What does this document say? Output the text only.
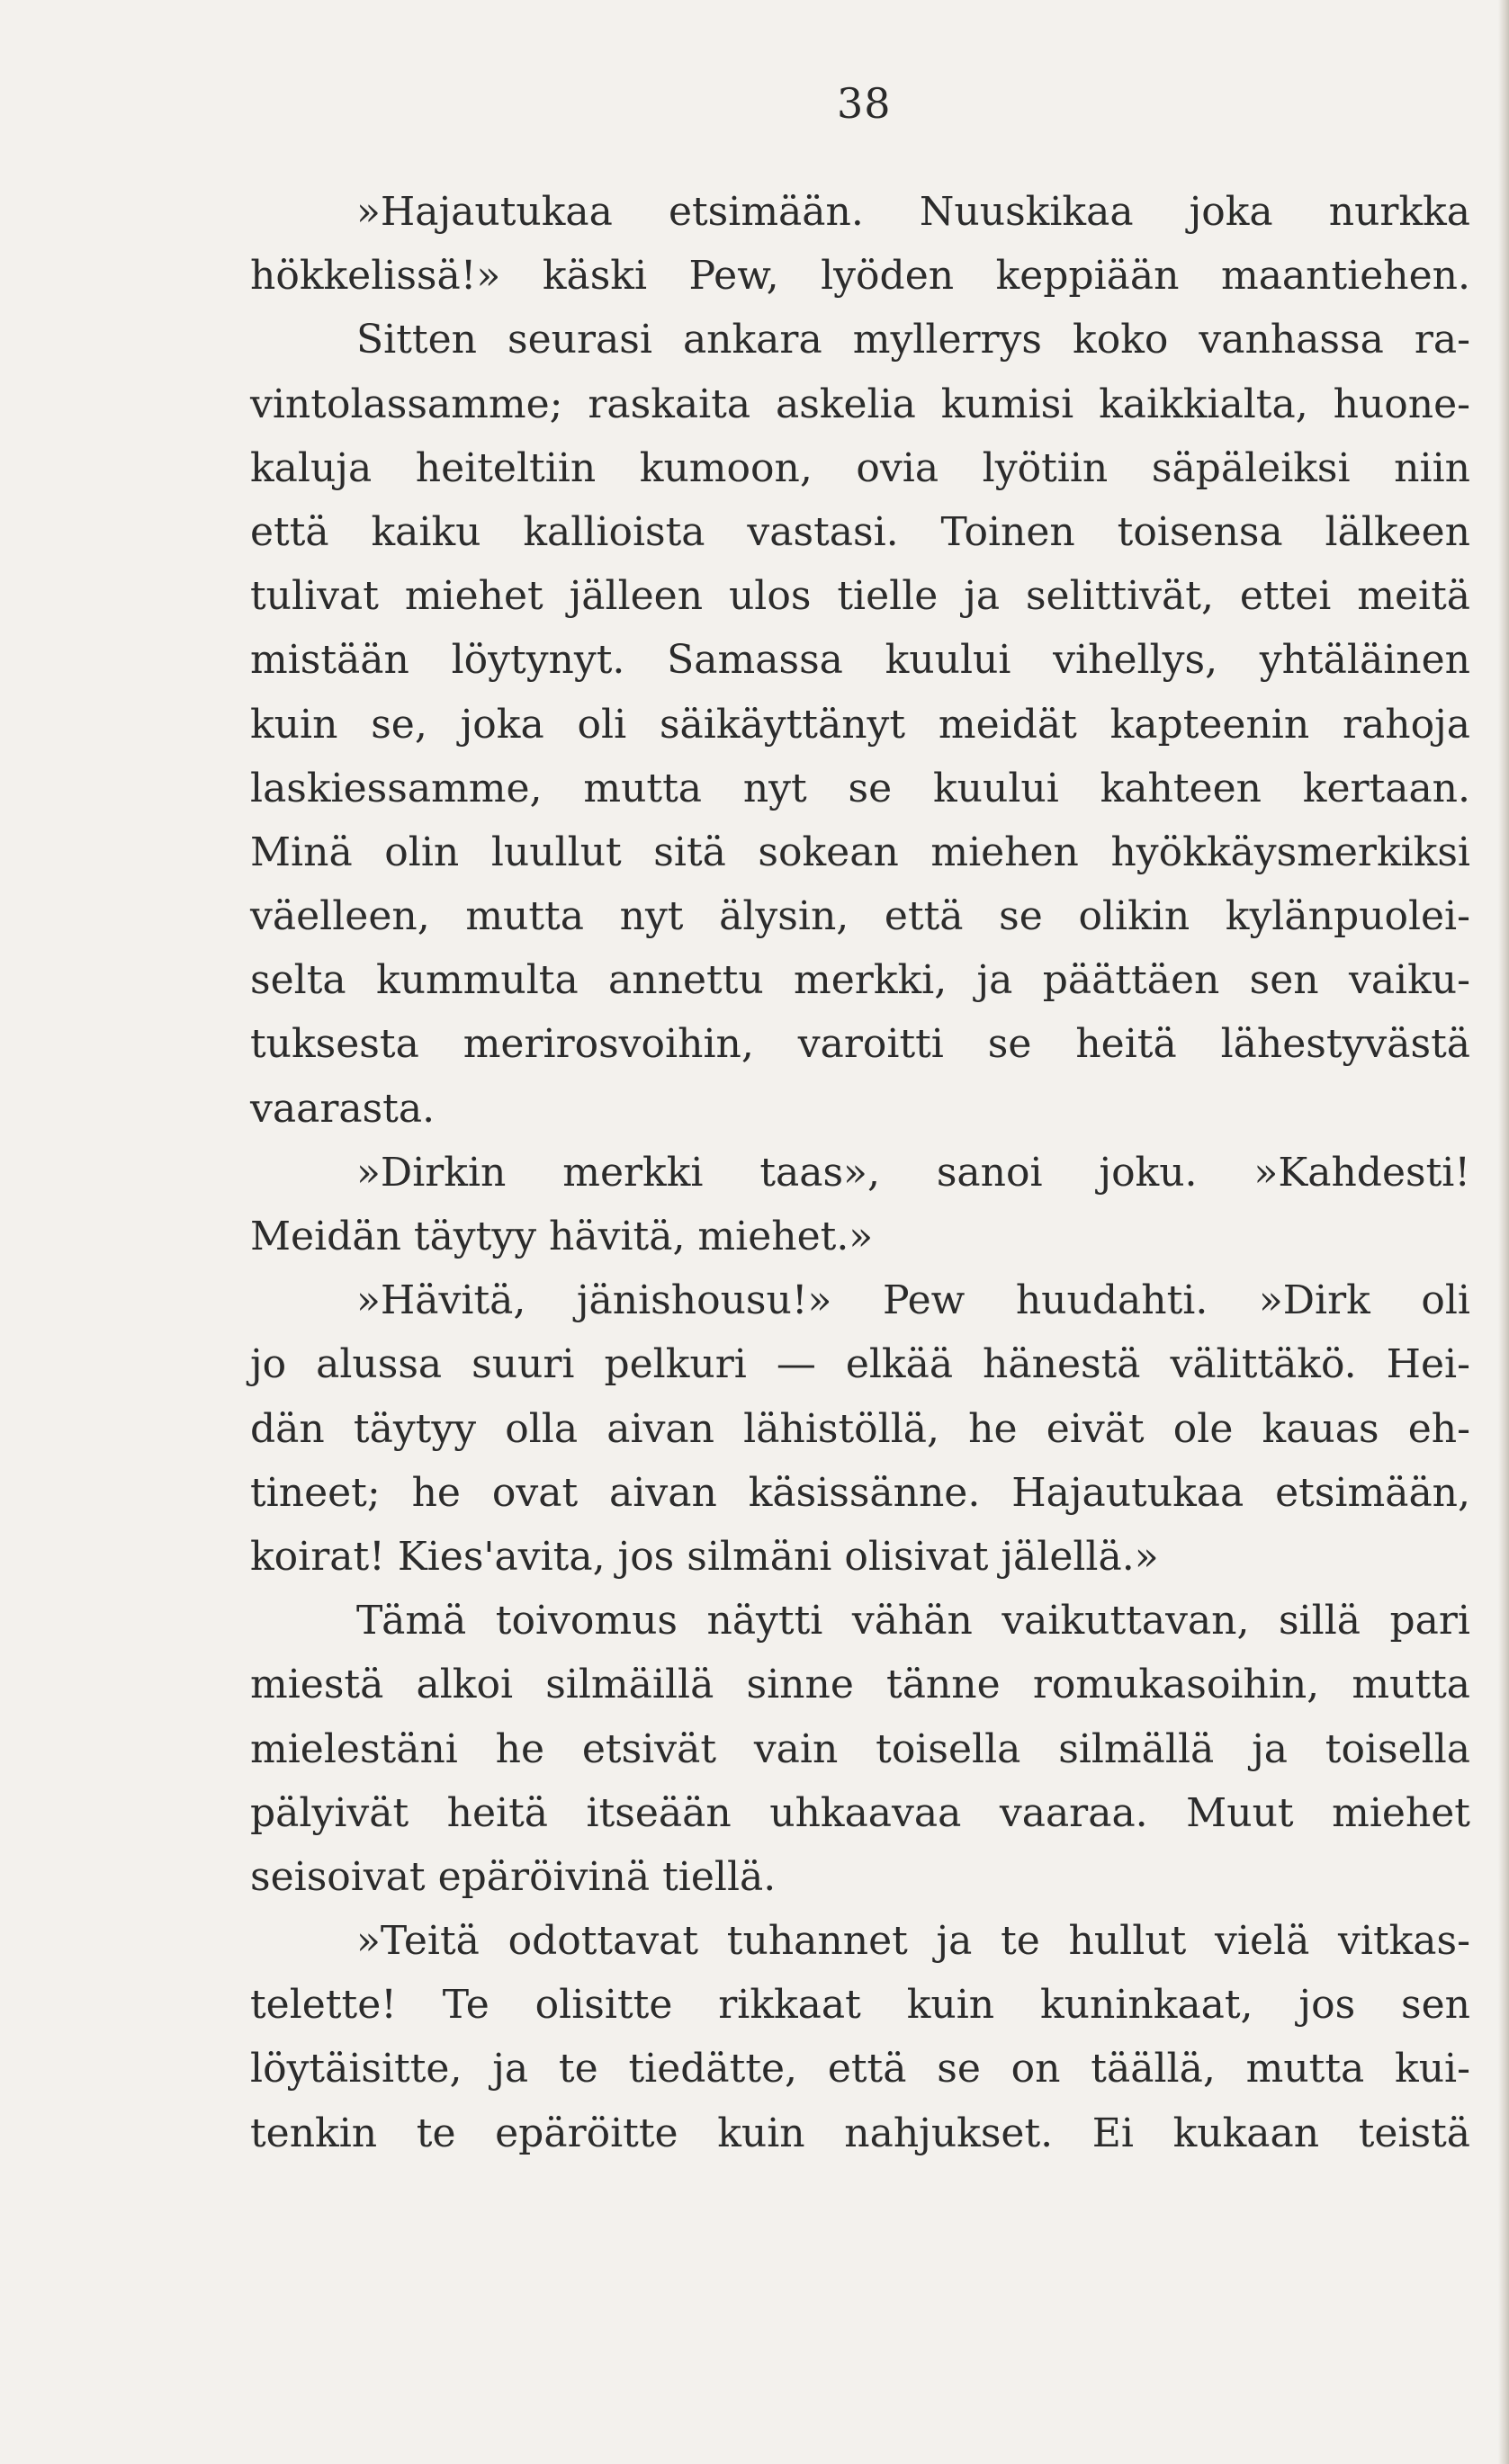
38
»Hajautukaa etsimään. Nuuskikaa joka nurkka
hökkelissä!» käski Pew, lyöden keppiään maantiehen.
Sitten seurasi ankara myllerrys koko vanhassa ra-
vintolassamme; raskaita askelia kumisi kaikkialta, huone-
kaluja heiteltiin kumoon, ovia lyötiin säpäleiksi niin
että kaiku kallioista vastasi. Toinen toisensa lälkeen
tulivat miehet jälleen ulos tielle ja selittivät, ettei meitä
mistään löytynyt. Samassa kuului vihellys, yhtäläinen
kuin se, joka oli säikäyttänyt meidät kapteenin rahoja
laskiessamme, mutta nyt se kuului kahteen kertaan.
Minä olin luullut sitä sokean miehen hyökkäysmerkiksi
väelleen, mutta nyt älysin, että se olikin kylänpuolei-
selta kummulta annettu merkki, ja päättäen sen vaiku-
tuksesta merirosvoihin, varoitti se heitä lähestyvästä
vaarasta.
»Dirkin merkki taas», sanoi joku. »Kahdesti!
Meidän täytyy hävitä, miehet.»
»Hävitä, jänishousu!» Pew huudahti. »Dirk oli
jo alussa suuri pelkuri — elkää hänestä välittäkö. Hei-
dän täytyy olla aivan lähistöllä, he eivät ole kauas eh-
tineet; he ovat aivan käsissänne. Hajautukaa etsimään,
koirat! Kies'avita, jos silmäni olisivat jälellä.»
Tämä toivomus näytti vähän vaikuttavan, sillä pari
miestä alkoi silmäillä sinne tänne romukasoihin, mutta
mielestäni he etsivät vain toisella silmällä ja toisella
pälyivät heitä itseään uhkaavaa vaaraa. Muut miehet
seisoivat epäröivinä tiellä.
»Teitä odottavat tuhannet ja te hullut vielä vitkas-
telette! Te olisitte rikkaat kuin kuninkaat, jos sen
löytäisitte, ja te tiedätte, että se on täällä, mutta kui-
tenkin te epäröitte kuin nahjukset. Ei kukaan teistä
